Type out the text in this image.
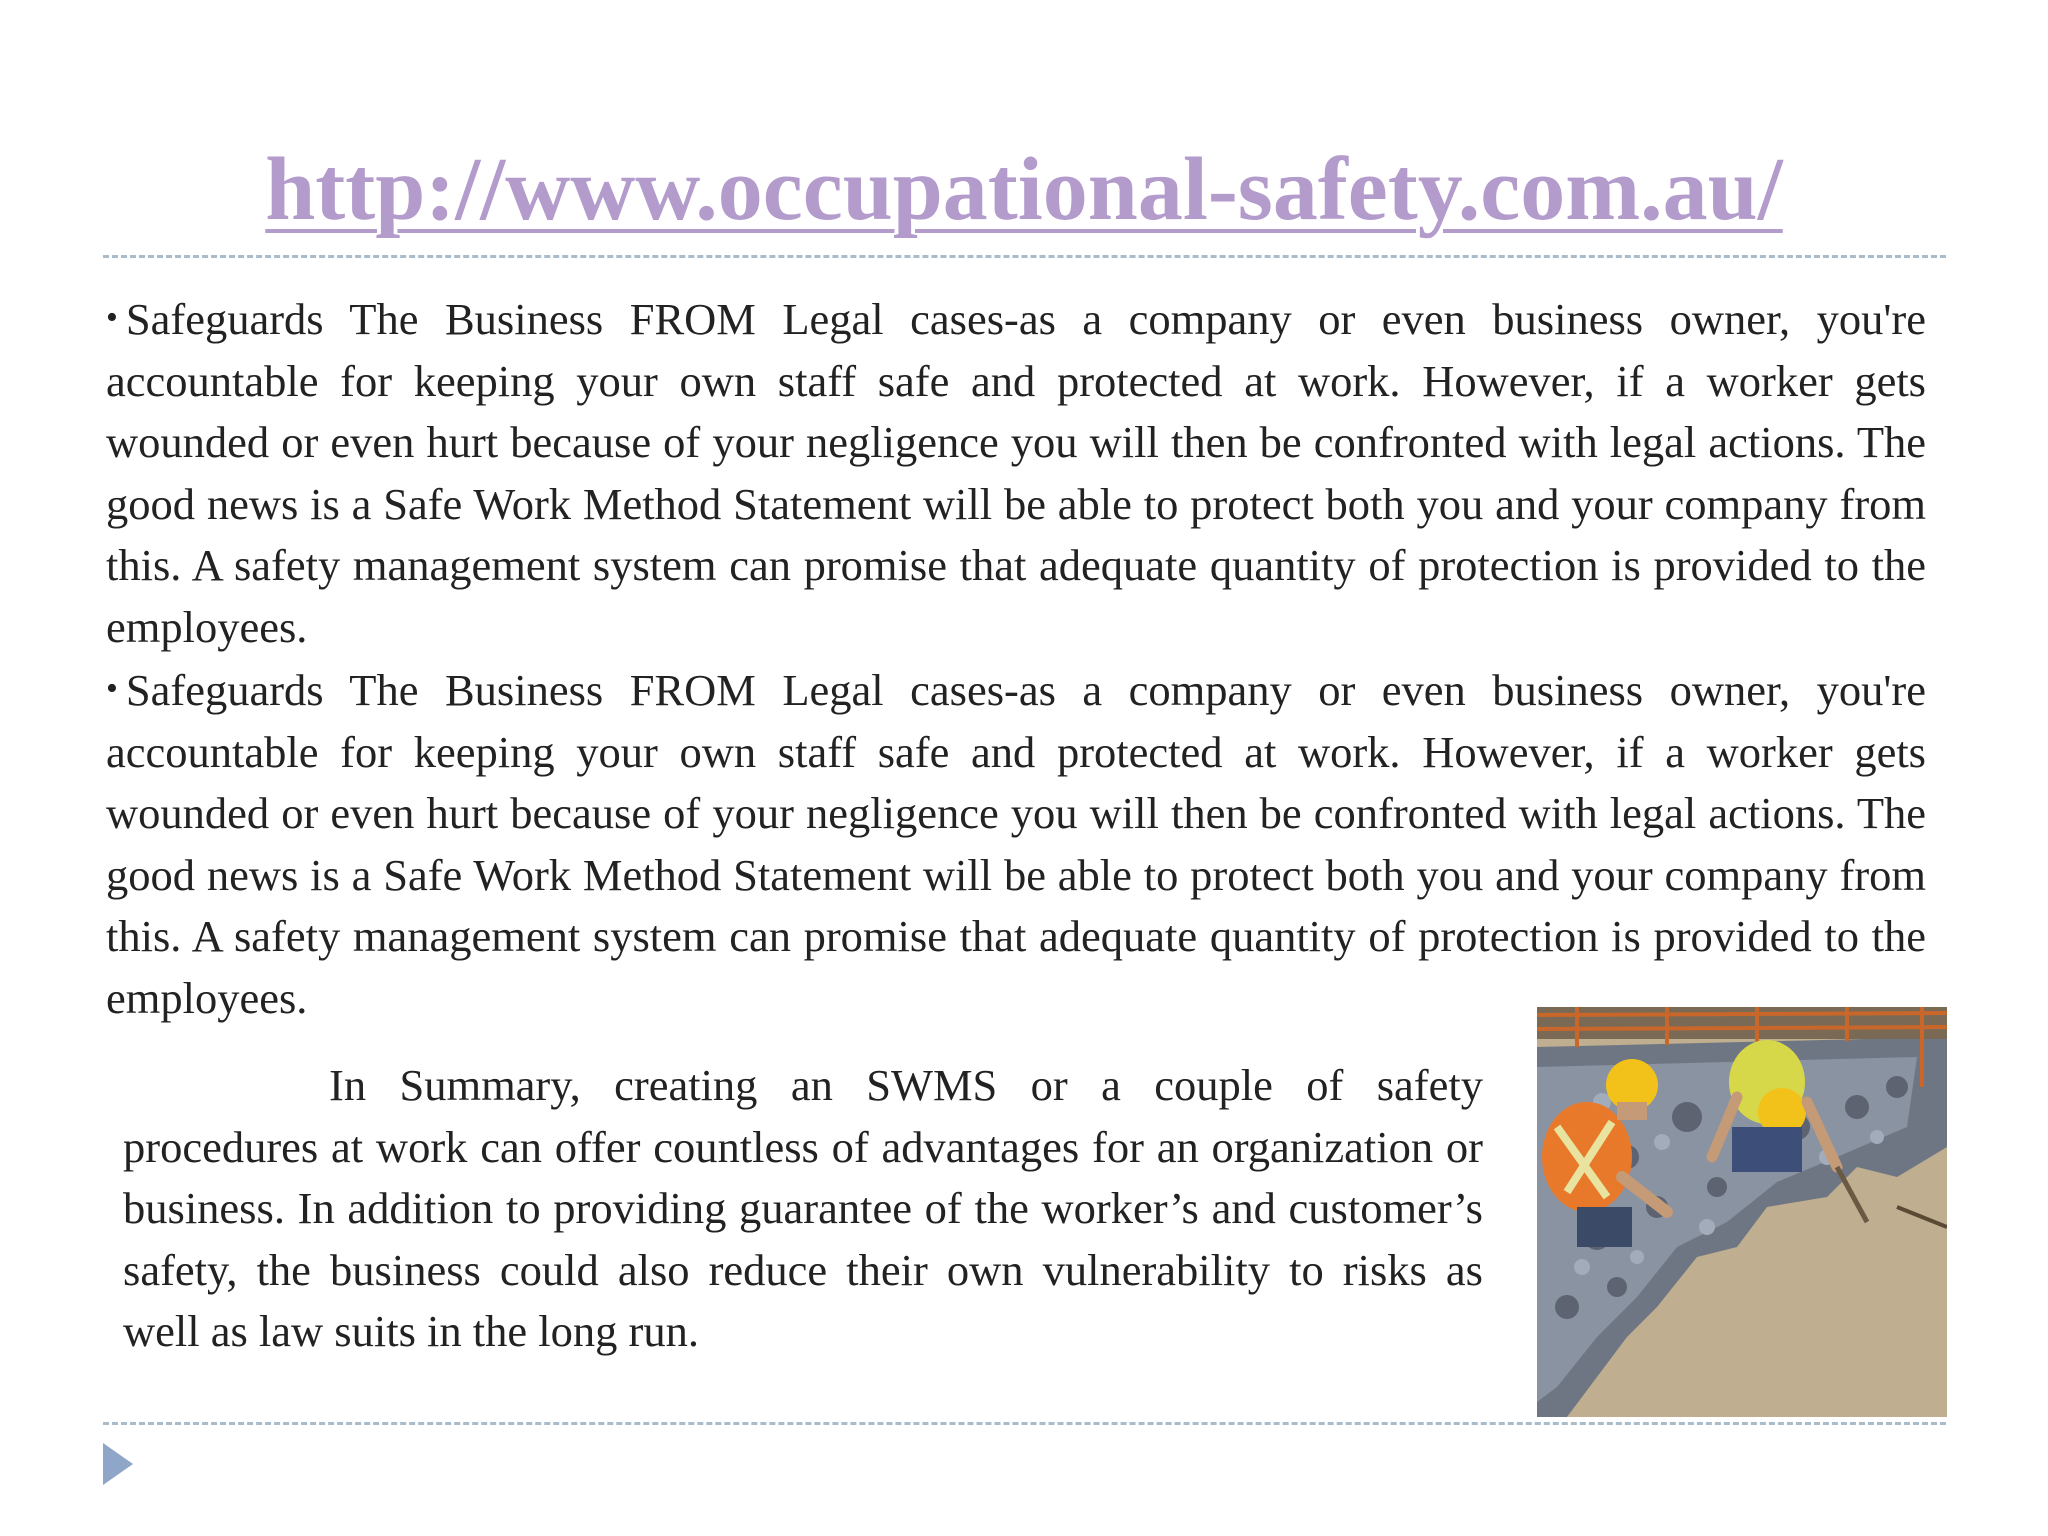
http://www.occupational-safety.com.au/

• Safeguards The Business FROM Legal cases-as a company or even business owner, you're accountable for keeping your own staff safe and protected at work. However, if a worker gets wounded or even hurt because of your negligence you will then be confronted with legal actions. The good news is a Safe Work Method Statement will be able to protect both you and your company from this. A safety management system can promise that adequate quantity of protection is provided to the employees.

• Safeguards The Business FROM Legal cases-as a company or even business owner, you're accountable for keeping your own staff safe and protected at work. However, if a worker gets wounded or even hurt because of your negligence you will then be confronted with legal actions. The good news is a Safe Work Method Statement will be able to protect both you and your company from this. A safety management system can promise that adequate quantity of protection is provided to the employees.

In Summary, creating an SWMS or a couple of safety procedures at work can offer countless of advantages for an organization or business. In addition to providing guarantee of the worker’s and customer’s safety, the business could also reduce their own vulnerability to risks as well as law suits in the long run.
